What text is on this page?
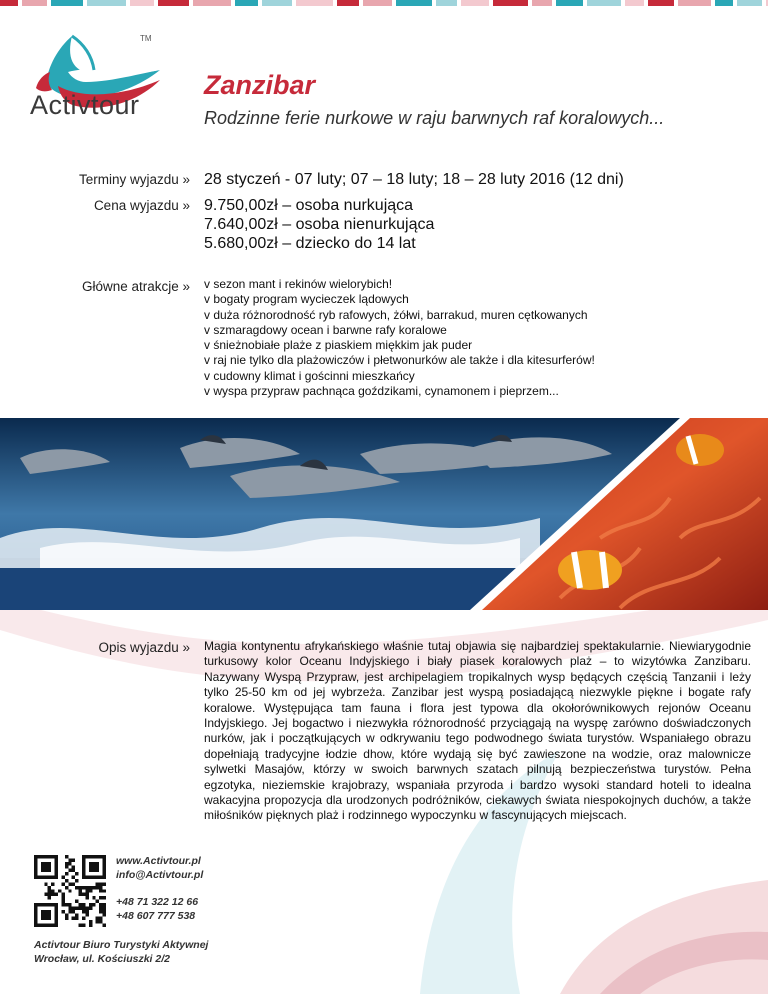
TM
Activtour
Zanzibar
Rodzinne ferie nurkowe w raju barwnych raf koralowych...
Terminy wyjazdu » 28 styczeń - 07 luty; 07 – 18 luty; 18 – 28 luty 2016 (12 dni)
Cena wyjazdu » 9.750,00zł – osoba nurkująca
7.640,00zł – osoba nienurkująca
5.680,00zł – dziecko do 14 lat
Główne atrakcje » v sezon mant i rekinów wielorybich!
v bogaty program wycieczek lądowych
v duża różnorodność ryb rafowych, żółwi, barrakud, muren cętkowanych
v szmaragdowy ocean i barwne rafy koralowe
v śnieżnobiałe plaże z piaskiem miękkim jak puder
v raj nie tylko dla plażowiczów i płetwonurków ale także i dla kitesurferów!
v cudowny klimat i gościnni mieszkańcy
v wyspa przypraw pachnąca goździkami, cynamonem i pieprzem...
Opis wyjazdu » Magia kontynentu afrykańskiego właśnie tutaj objawia się najbardziej spektakularnie. Niewiarygodnie turkusowy kolor Oceanu Indyjskiego i biały piasek koralowych plaż – to wizytówka Zanzibaru. Nazywany Wyspą Przypraw, jest archipelagiem tropikalnych wysp będących częścią Tanzanii i leży tylko 25-50 km od jej wybrzeża. Zanzibar jest wyspą posiadającą niezwykle piękne i bogate rafy koralowe. Występująca tam fauna i flora jest typowa dla okołorównikowych rejonów Oceanu Indyjskiego. Jej bogactwo i niezwykła różnorodność przyciągają na wyspę zarówno doświadczonych nurków, jak i początkujących w odkrywaniu tego podwodnego świata turystów. Wspaniałego obrazu dopełniają tradycyjne łodzie dhow, które wydają się być zawieszone na wodzie, oraz malownicze sylwetki Masajów, którzy w swoich barwnych szatach pilnują bezpieczeństwa turystów. Pełna egzotyka, nieziemskie krajobrazy, wspaniała przyroda i bardzo wysoki standard hoteli to idealna wakacyjna propozycja dla urodzonych podróżników, ciekawych świata niespokojnych duchów, a także miłośników pięknych plaż i rodzinnego wypoczynku w fascynujących miejscach.

www.Activtour.pl
info@Activtour.pl
+48 71 322 12 66
+48 607 777 538
Activtour Biuro Turystyki Aktywnej
Wrocław, ul. Kościuszki 2/2
